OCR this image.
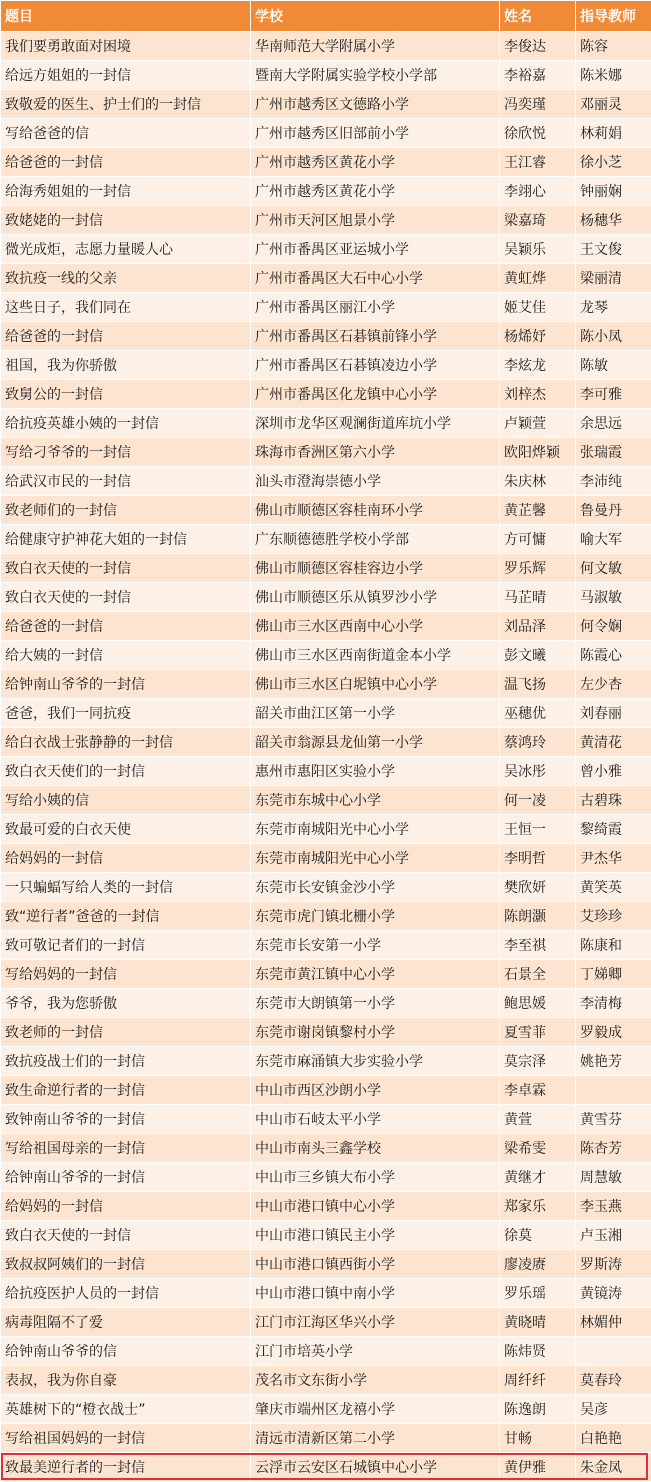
题目	学校	姓名	指导教师
我们要勇敢面对困境	华南师范大学附属小学	李俊达	陈容
给远方姐姐的一封信	暨南大学附属实验学校小学部	李裕嘉	陈米娜
致敬爱的医生、护士们的一封信	广州市越秀区文德路小学	冯奕瑾	邓丽灵
写给爸爸的信	广州市越秀区旧部前小学	徐欣悦	林莉娟
给爸爸的一封信	广州市越秀区黄花小学	王江睿	徐小芝
给海秀姐姐的一封信	广州市越秀区黄花小学	李翊心	钟丽娴
致姥姥的一封信	广州市天河区旭景小学	梁嘉琦	杨穗华
微光成炬，志愿力量暖人心	广州市番禺区亚运城小学	吴颖乐	王文俊
致抗疫一线的父亲	广州市番禺区大石中心小学	黄虹烨	梁丽清
这些日子，我们同在	广州市番禺区丽江小学	姬艾佳	龙琴
给爸爸的一封信	广州市番禺区石碁镇前锋小学	杨烯妤	陈小凤
祖国，我为你骄傲	广州市番禺区石碁镇凌边小学	李炫龙	陈敏
致舅公的一封信	广州市番禺区化龙镇中心小学	刘梓杰	李可雅
给抗疫英雄小姨的一封信	深圳市龙华区观澜街道库坑小学	卢颖萱	余思远
写给刁爷爷的一封信	珠海市香洲区第六小学	欧阳烨颖	张瑞霞
给武汉市民的一封信	汕头市澄海崇德小学	朱庆林	李沛纯
致老师们的一封信	佛山市顺德区容桂南环小学	黄芷馨	鲁曼丹
给健康守护神花大姐的一封信	广东顺德德胜学校小学部	方可慵	喻大军
致白衣天使的一封信	佛山市顺德区容桂容边小学	罗乐辉	何文敏
致白衣天使的一封信	佛山市顺德区乐从镇罗沙小学	马芷晴	马淑敏
给爸爸的一封信	佛山市三水区西南中心小学	刘品泽	何令娴
给大姨的一封信	佛山市三水区西南街道金本小学	彭文曦	陈霞心
给钟南山爷爷的一封信	佛山市三水区白坭镇中心小学	温飞扬	左少杏
爸爸，我们一同抗疫	韶关市曲江区第一小学	巫穗优	刘春丽
给白衣战士张静静的一封信	韶关市翁源县龙仙第一小学	蔡鸿玲	黄清花
致白衣天使们的一封信	惠州市惠阳区实验小学	吴冰彤	曾小雅
写给小姨的信	东莞市东城中心小学	何一凌	古碧珠
致最可爱的白衣天使	东莞市南城阳光中心小学	王恒一	黎绮霞
给妈妈的一封信	东莞市南城阳光中心小学	李明哲	尹杰华
一只蝙蝠写给人类的一封信	东莞市长安镇金沙小学	樊欣妍	黄笑英
致“逆行者”爸爸的一封信	东莞市虎门镇北栅小学	陈朗灏	艾珍珍
致可敬记者们的一封信	东莞市长安第一小学	李至祺	陈康和
写给妈妈的一封信	东莞市黄江镇中心小学	石景全	丁娣卿
爷爷，我为您骄傲	东莞市大朗镇第一小学	鲍思媛	李清梅
致老师的一封信	东莞市谢岗镇黎村小学	夏雪菲	罗毅成
致抗疫战士们的一封信	东莞市麻涌镇大步实验小学	莫宗泽	姚艳芳
致生命逆行者的一封信	中山市西区沙朗小学	李卓霖	
致钟南山爷爷的一封信	中山市石岐太平小学	黄萱	黄雪芬
写给祖国母亲的一封信	中山市南头三鑫学校	梁希雯	陈杏芳
给钟南山爷爷的一封信	中山市三乡镇大布小学	黄继才	周慧敏
给妈妈的一封信	中山市港口镇中心小学	郑家乐	李玉燕
致白衣天使的一封信	中山市港口镇民主小学	徐莫	卢玉湘
致叔叔阿姨们的一封信	中山市港口镇西街小学	廖凌赓	罗斯涛
给抗疫医护人员的一封信	中山市港口镇中南小学	罗乐瑶	黄镜涛
病毒阻隔不了爱	江门市江海区华兴小学	黄晓晴	林媚仲
给钟南山爷爷的信	江门市培英小学	陈炜贤	
表叔，我为你自豪	茂名市文东街小学	周纤纤	莫春玲
英雄树下的“橙衣战士”	肇庆市端州区龙禧小学	陈逸朗	吴彦
写给祖国妈妈的一封信	清远市清新区第二小学	甘畅	白艳艳
致最美逆行者的一封信	云浮市云安区石城镇中心小学	黄伊雅	朱金凤
